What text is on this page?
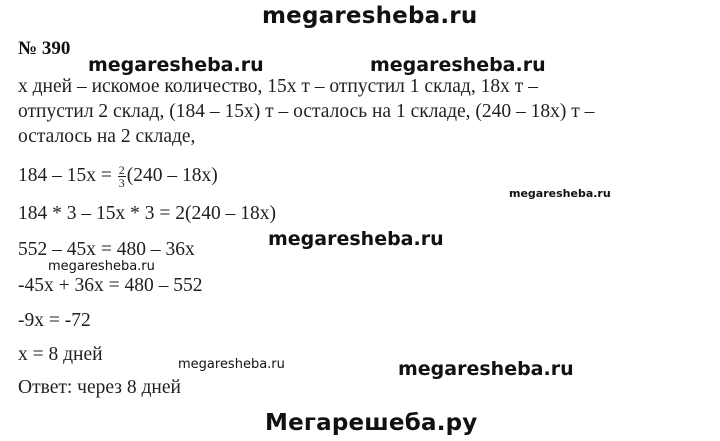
megaresheba.ru
№ 390
megaresheba.ru	megaresheba.ru
x дней – искомое количество, 15x т – отпустил 1 склад, 18x т –
отпустил 2 склад, (184 – 15x) т – осталось на 1 складе, (240 – 18x) т –
осталось на 2 складе,
$184 - 15x = \frac{2}{3} (240 - 18x)$
megaresheba.ru
184 * 3 – 15x * 3 = 2(240 – 18x)
megaresheba.ru
552 – 45x = 480 – 36x
megaresheba.ru
-45x + 36x = 480 – 552
-9x = -72
x = 8 дней	megaresheba.ru	megaresheba.ru
Ответ: через 8 дней
Мегарешеба.ру
